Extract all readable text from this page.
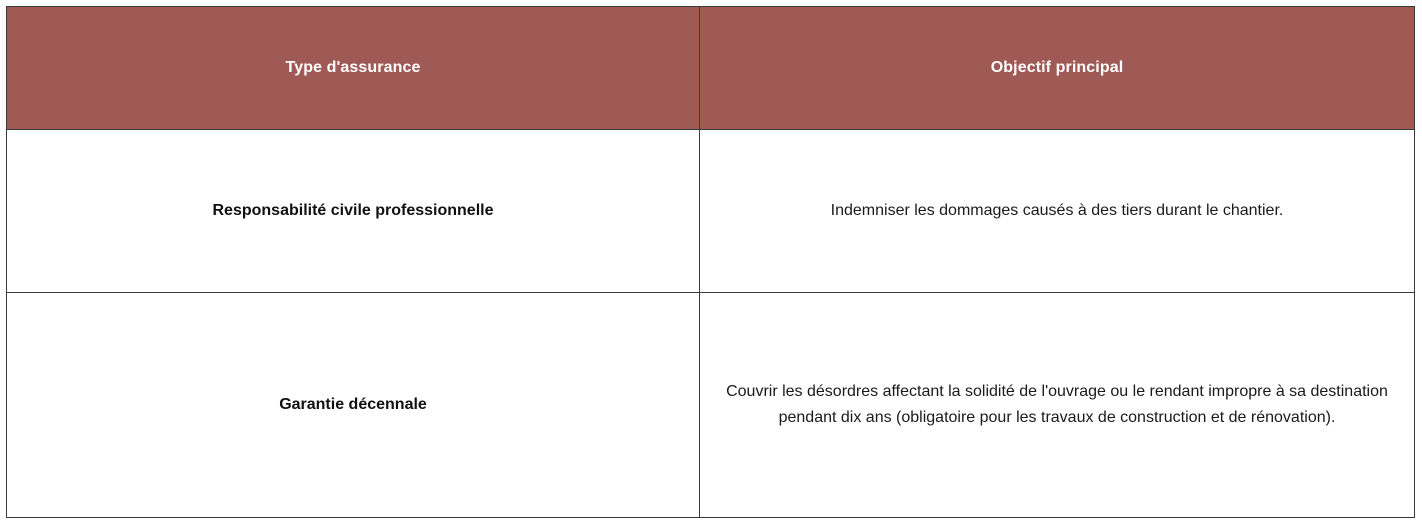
Type d'assurance	Objectif principal
Responsabilité civile professionnelle	Indemniser les dommages causés à des tiers durant le chantier.
Garantie décennale	Couvrir les désordres affectant la solidité de l'ouvrage ou le rendant impropre à sa destination pendant dix ans (obligatoire pour les travaux de construction et de rénovation).
